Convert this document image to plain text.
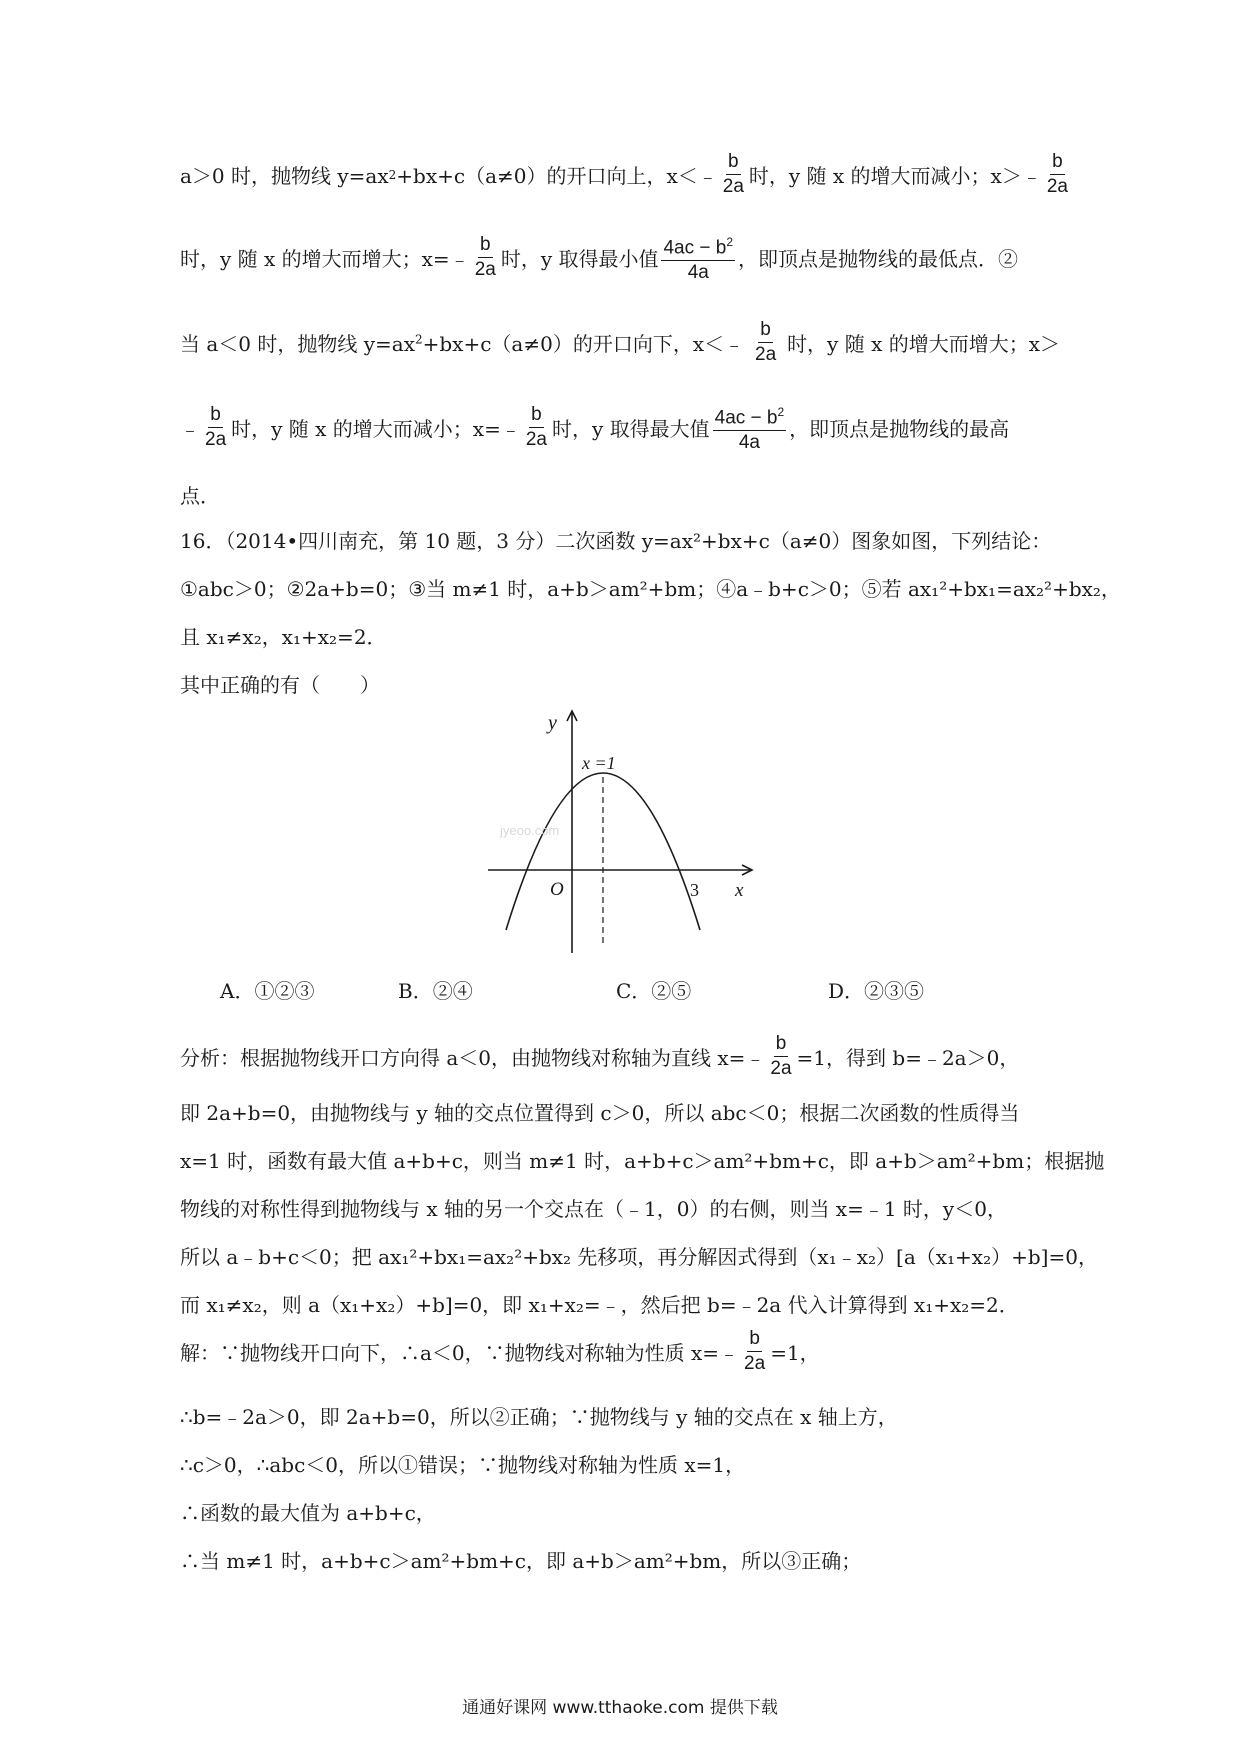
a＞0 时，抛物线 y=ax 2 +bx+c（a≠0）的开口向上，x＜﹣ $\frac{b}{2a}$ 时，y 随 x 的增大而减小；x＞﹣ $\frac{b}{2a}$
时，y 随 x 的增大而增大；x=﹣ $\frac{b}{2a}$ 时，y 取得最小值 $\frac{4ac - b^2}{4a}$ ，即顶点是抛物线的最低点．②
当 a＜0 时，抛物线 $y=ax^2+bx+c(a\ne 0)$的开口向下，x＜﹣ $\frac{b}{2a}$ 时，y 随 x 的增大而增大；x＞
﹣ $\frac{b}{2a}$ 时，y 随 x 的增大而减小；x=﹣ $\frac{b}{2a}$ 时，y 取得最大值 $\frac{4ac - b^2}{4a}$ ，即顶点是抛物线的最高
点．
16．（2014•四川南充，第 10 题，3 分）二次函数 y=ax²+bx+c（a≠0）图象如图，下列结论：
①abc＞0；②2a+b=0；③当 m≠1 时，a+b＞am²+bm；④a﹣b+c＞0；⑤若 ax₁²+bx₁=ax₂²+bx₂，
且 x₁≠x₂，x₁+x₂=2．
其中正确的有（　　）
y
x =1
O	3 x
jyeoo.com
A．①②③	B．②④	C．②⑤	D．②③⑤
分析：根据抛物线开口方向得 a＜0，由抛物线对称轴为直线 x=﹣ $\frac{b}{2a} =1$，得到 b=﹣2a＞0，
即 2a+b=0，由抛物线与 y 轴的交点位置得到 c＞0，所以 abc＜0；根据二次函数的性质得当
x=1 时，函数有最大值 a+b+c，则当 m≠1 时，a+b+c＞am²+bm+c，即 a+b＞am²+bm；根据抛
物线的对称性得到抛物线与 x 轴的另一个交点在（﹣1，0）的右侧，则当 x=﹣1 时，y＜0，
所以 a﹣b+c＜0；把 ax₁²+bx₁=ax₂²+bx₂ 先移项，再分解因式得到（x₁﹣x₂）[a（x₁+x₂）+b]=0，
而 x₁≠x₂，则 a（x₁+x₂）+b]=0，即 x₁+x₂=﹣，然后把 b=﹣2a 代入计算得到 x₁+x₂=2．
解：∵抛物线开口向下，∴a＜0，∵抛物线对称轴为性质 x=﹣ $\frac{b}{2a} =1$，
∴b=﹣2a＞0，即 2a+b=0，所以②正确；∵抛物线与 y 轴的交点在 x 轴上方，
∴c＞0，∴abc＜0，所以①错误；∵抛物线对称轴为性质 x=1，
∴函数的最大值为 a+b+c，
∴当 m≠1 时，a+b+c＞am²+bm+c，即 a+b＞am²+bm，所以③正确；
通通好课网 www.tthaoke.com 提供下载
